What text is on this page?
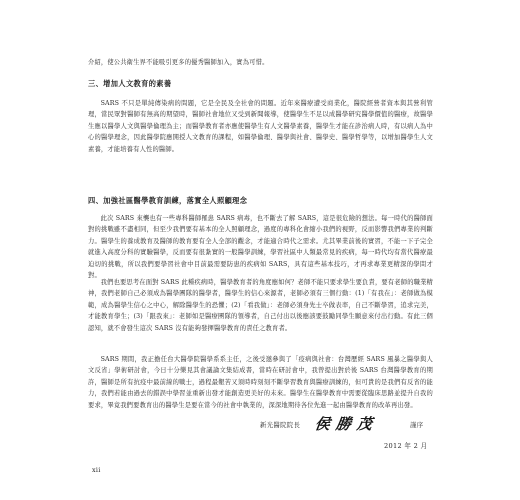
介紹，使公共衛生界不能吸引更多的優秀醫師加入，實為可惜。

三、增加人文教育的素養

SARS 不只是單純傳染病的問題，它是全民及全社會的問題。近年來醫療遭受商業化，醫院經營者資本與其營利管理，當民眾對醫師有無高的期望時，醫師社會地位又受到新聞報導，使醫學生不足以成醫學研究醫學價值的醫療，故醫學生應以醫學人文與醫學倫理為主；而醫學教育者亦應使醫學生有人文醫學素養，醫學生才能在診治病人時，有以病人為中心的醫學理念，因此醫學院應開授人文教育的課程，如醫學倫理、醫學與社會、醫學史、醫學哲學等，以增加醫學生人文素養，才能培養有人性的醫師。

四、加強社區醫學教育訓練，落實全人照顧理念

此次 SARS 來襲也有一些專科醫師罹患 SARS 病毒，也不斷去了解 SARS，這是很危險的想法。每一時代的醫師面對的挑戰雖不盡相同，但至少我們要有基本的全人照顧理念，過度的專科化會縮小我們的視野，反而影響我們專業的判斷力。醫學生的養成教育及醫師的教育要有全人全部的觀念，才能適合時代之需求。尤其畢業前後的實習，不能一下子完全就進入高度分科的實驗醫學，反而要有很紮實的一般醫學訓練，學習社區中人類最常見的疾病，每一時代均有當代醫療最迫切的挑戰，所以我們要學習社會中目前最需要防患的疾病如 SARS，具有這些基本技巧，才再求專業更精深的學問才對。

我們也要思考在面對 SARS 此種疾病時，醫學教育者的角度應如何？老師不能只要求學生要負責，要有老師的職業精神，我們老師自己必須成為醫學團隊的醫學者，醫學生的信心來源者，老師必須有三個行動：(1)「有我在」：老師做為模範，成為醫學生信心之中心，解除醫學生的恐懼；(2)「看我做」：老師必須身先士卒做表率，自己不斷學習，追求完美，才能教育學生；(3)「跟我來」：老師如是醫療團隊的領導者，自己付出以後應該要鼓勵同學生願意來付出行動。有此三個認知，就不會發生這次 SARS 沒有能夠發揮醫學教育的責任之教育者。

SARS 期間，我正擔任台大醫學院醫學系系主任，之後受邀參與了「疫病與社會：台灣歷經 SARS 風暴之醫學與人文反省」學術研討會，今日十分樂見其會議論文集結成書，當時在研討會中，我曾提出對於後 SARS 台灣醫學教育的期許，醫師是所有抗疫中最前線的戰士，過程最艱苦又須時時刻刻不斷學習教育與醫療訓練的，但可貴的是我們有反省的能力，我們若能由過去的錯誤中學習並重新出發才能創造更美好的未來。醫學生在醫學教育中需要從臨床思路並提升自我的要求，畢竟我們要教育出的醫學生是要在當今的社會中執業的，深深地期待各位先進一起由醫學教育的改革再出發。

新光醫院院長 侯勝茂	謹序
2012 年 2 月
xii
